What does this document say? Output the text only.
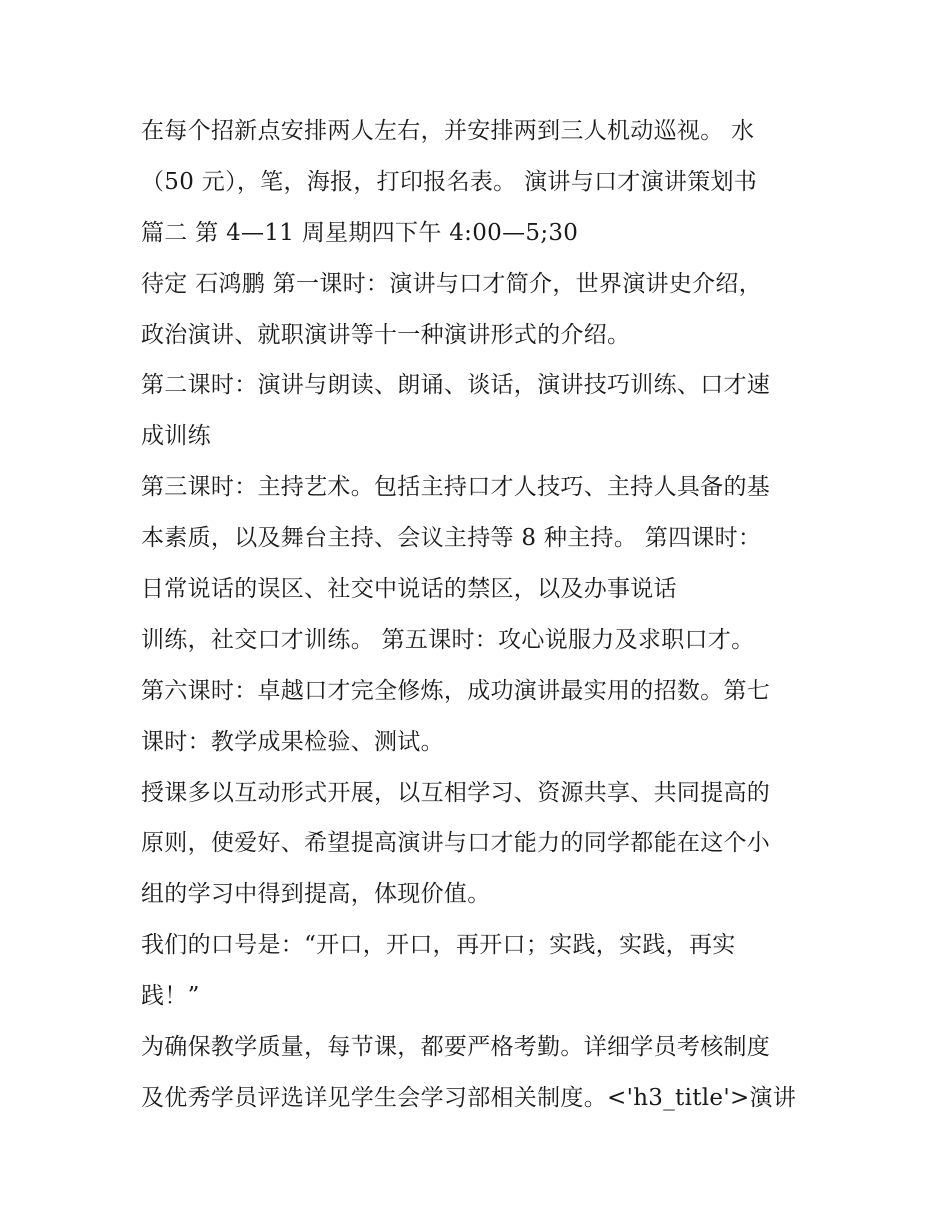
在每个招新点安排两人左右，并安排两到三人机动巡视。 水
（50 元），笔，海报，打印报名表。 演讲与口才演讲策划书
篇二 第 4—11 周星期四下午 4:00—5;30
待定 石鸿鹏 第一课时：演讲与口才简介，世界演讲史介绍，
政治演讲、就职演讲等十一种演讲形式的介绍。
第二课时：演讲与朗读、朗诵、谈话，演讲技巧训练、口才速
成训练
第三课时：主持艺术。包括主持口才人技巧、主持人具备的基
本素质，以及舞台主持、会议主持等 8 种主持。 第四课时：
日常说话的误区、社交中说话的禁区，以及办事说话
训练，社交口才训练。 第五课时：攻心说服力及求职口才。
第六课时：卓越口才完全修炼，成功演讲最实用的招数。第七
课时：教学成果检验、测试。
授课多以互动形式开展，以互相学习、资源共享、共同提高的
原则，使爱好、希望提高演讲与口才能力的同学都能在这个小
组的学习中得到提高，体现价值。
我们的口号是：“开口，开口，再开口；实践，实践，再实
践！”
为确保教学质量，每节课，都要严格考勤。详细学员考核制度
及优秀学员评选详见学生会学习部相关制度。<'h3_title'>演讲
